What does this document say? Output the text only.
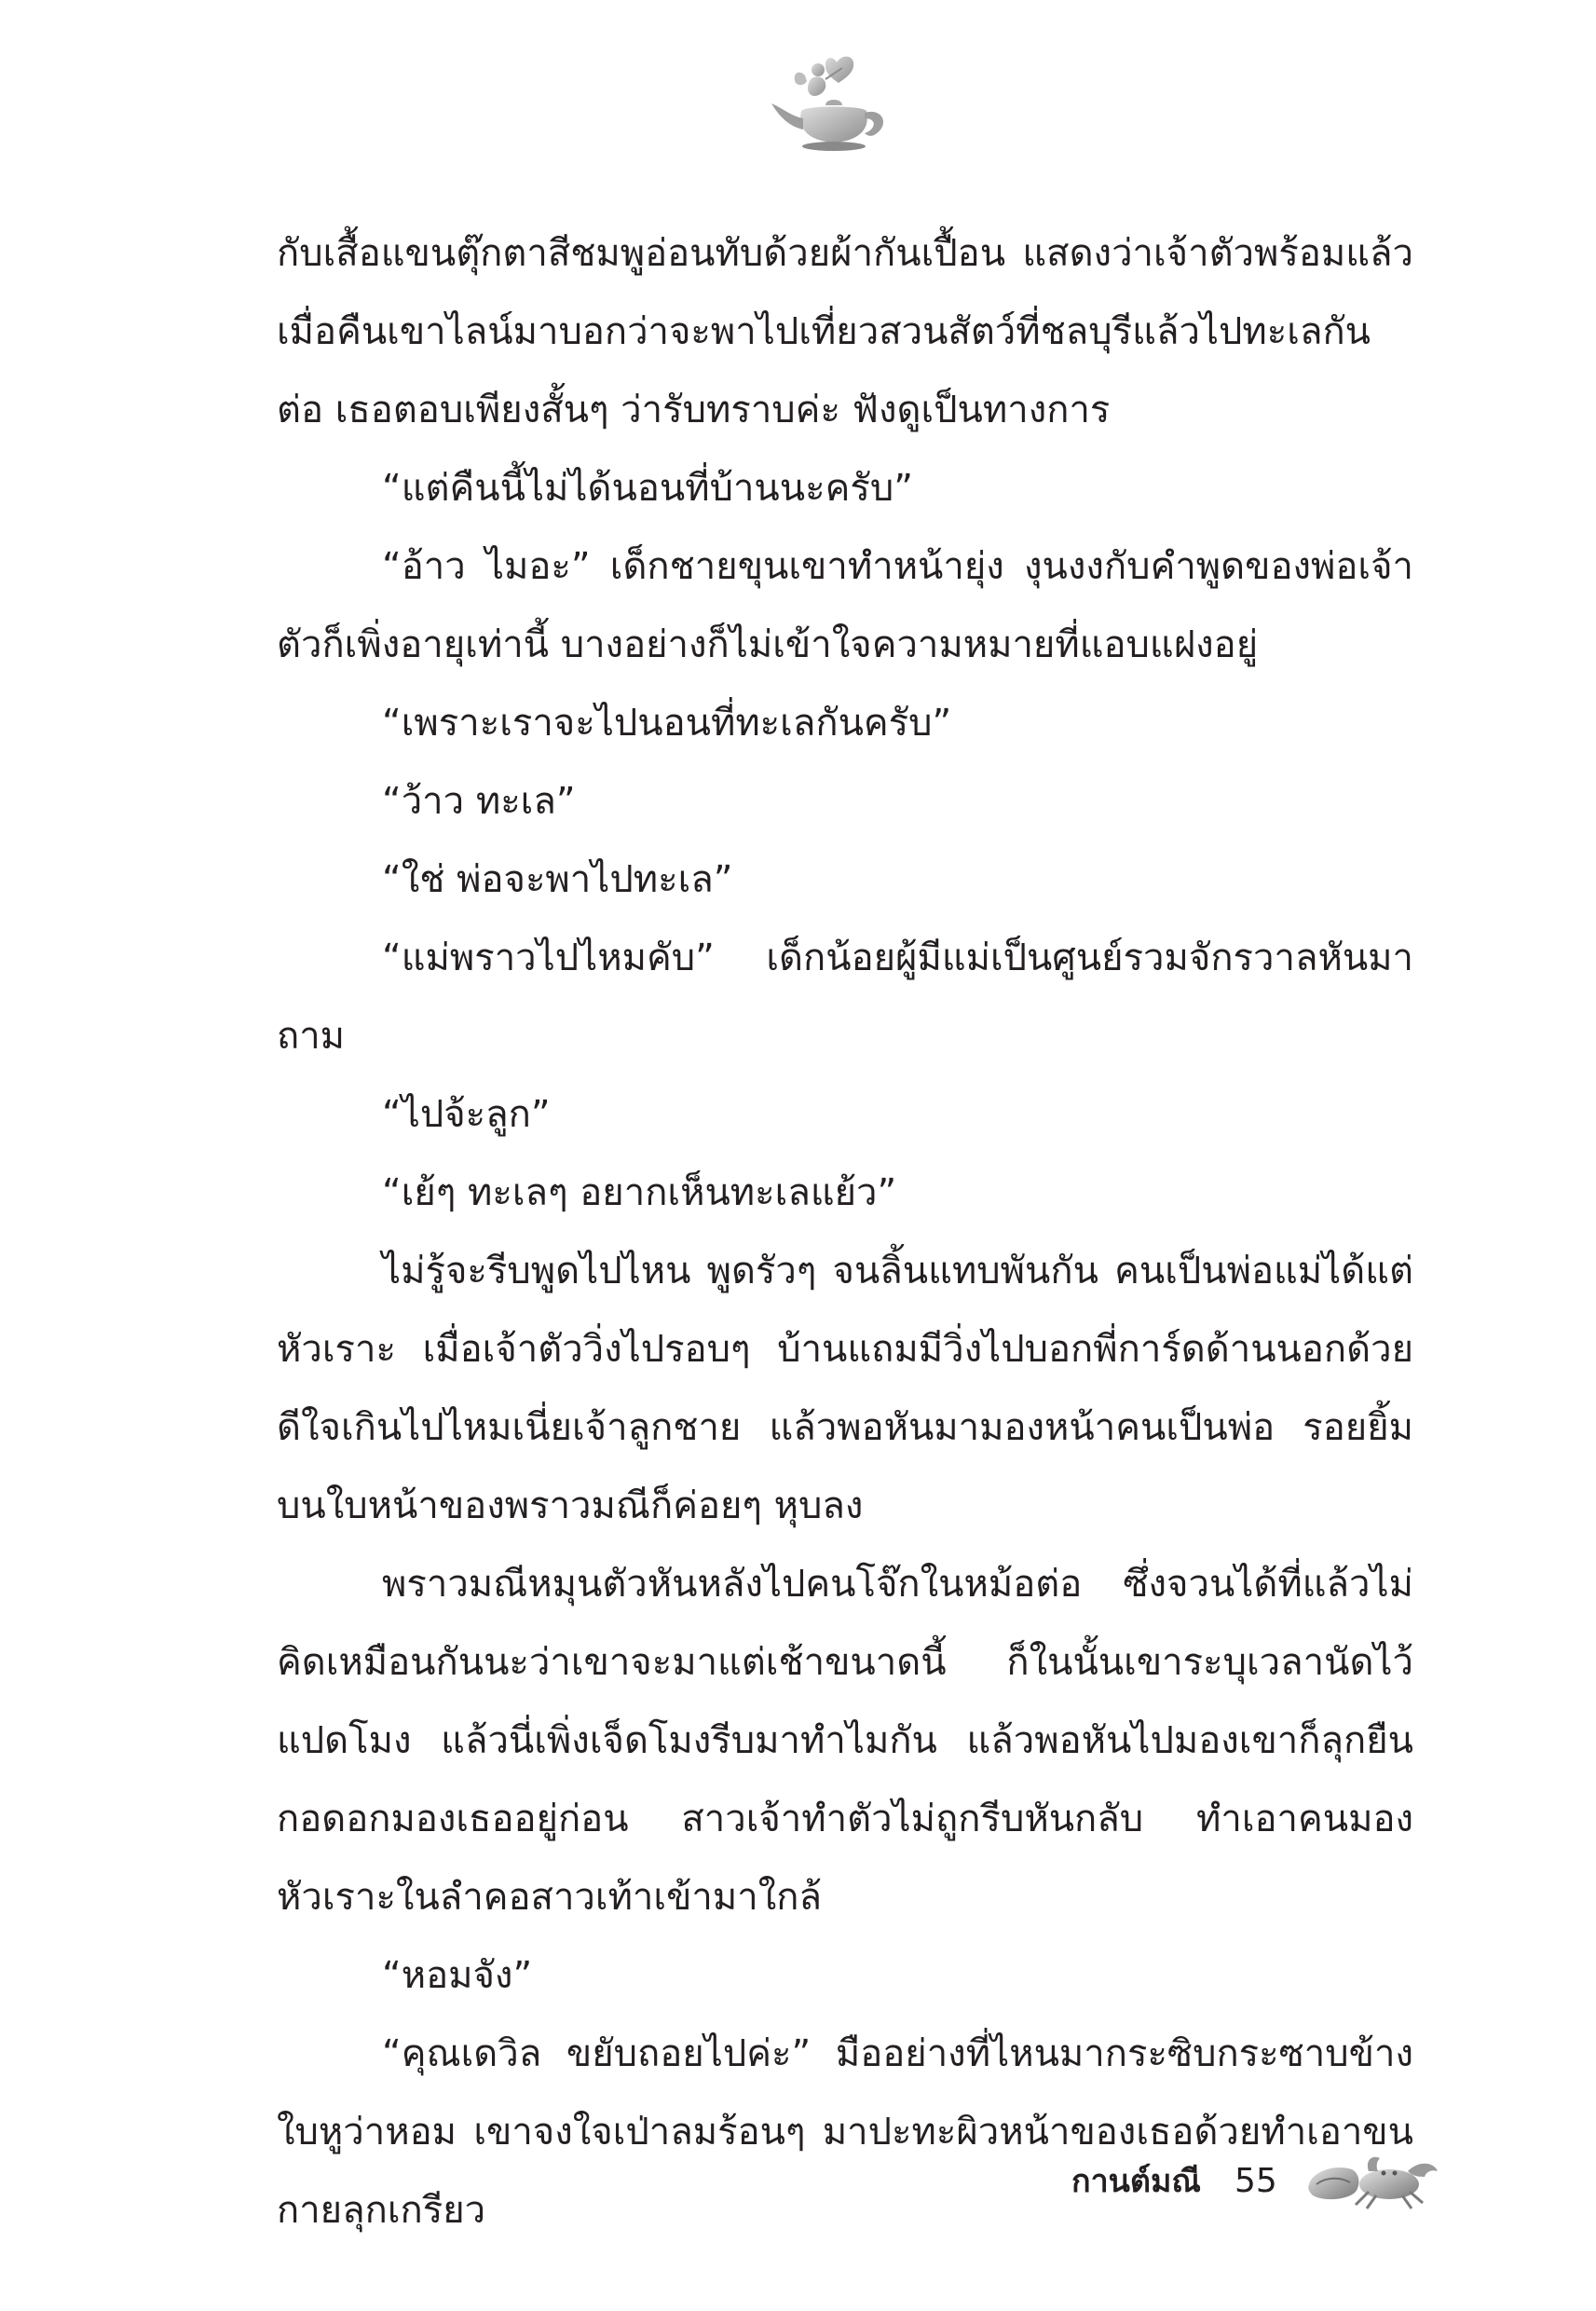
กับเสื้อแขนตุ๊กตาสีชมพูอ่อนทับด้วยผ้ากันเปื้อน แสดงว่าเจ้าตัวพร้อมแล้ว เมื่อคืนเขาไลน์มาบอกว่าจะพาไปเที่ยวสวนสัตว์ที่ชลบุรีแล้วไปทะเลกันต่อ เธอตอบเพียงสั้นๆ ว่ารับทราบค่ะ ฟังดูเป็นทางการ

“แต่คืนนี้ไม่ได้นอนที่บ้านนะครับ”

“อ้าว ไมอะ” เด็กชายขุนเขาทำหน้ายุ่ง งุนงงกับคำพูดของพ่อเจ้าตัวก็เพิ่งอายุเท่านี้ บางอย่างก็ไม่เข้าใจความหมายที่แอบแฝงอยู่

“เพราะเราจะไปนอนที่ทะเลกันครับ”

“ว้าว ทะเล”

“ใช่ พ่อจะพาไปทะเล”

“แม่พราวไปไหมคับ” เด็กน้อยผู้มีแม่เป็นศูนย์รวมจักรวาลหันมาถาม

“ไปจ้ะลูก”

“เย้ๆ ทะเลๆ อยากเห็นทะเลแย้ว”

ไม่รู้จะรีบพูดไปไหน พูดรัวๆ จนลิ้นแทบพันกัน คนเป็นพ่อแม่ได้แต่หัวเราะ เมื่อเจ้าตัววิ่งไปรอบๆ บ้านแถมมีวิ่งไปบอกพี่การ์ดด้านนอกด้วย ดีใจเกินไปไหมเนี่ยเจ้าลูกชาย แล้วพอหันมามองหน้าคนเป็นพ่อ รอยยิ้มบนใบหน้าของพราวมณีก็ค่อยๆ หุบลง

พราวมณีหมุนตัวหันหลังไปคนโจ๊กในหม้อต่อ ซึ่งจวนได้ที่แล้วไม่คิดเหมือนกันนะว่าเขาจะมาแต่เช้าขนาดนี้ ก็ในนั้นเขาระบุเวลานัดไว้แปดโมง แล้วนี่เพิ่งเจ็ดโมงรีบมาทำไมกัน แล้วพอหันไปมองเขาก็ลุกยืนกอดอกมองเธออยู่ก่อน สาวเจ้าทำตัวไม่ถูกรีบหันกลับ ทำเอาคนมองหัวเราะในลำคอสาวเท้าเข้ามาใกล้

“หอมจัง”

“คุณเดวิล ขยับถอยไปค่ะ” มืออย่างที่ไหนมากระซิบกระซาบข้างใบหูว่าหอม เขาจงใจเป่าลมร้อนๆ มาปะทะผิวหน้าของเธอด้วยทำเอาขนกายลุกเกรียว

กานต์มณี 55
